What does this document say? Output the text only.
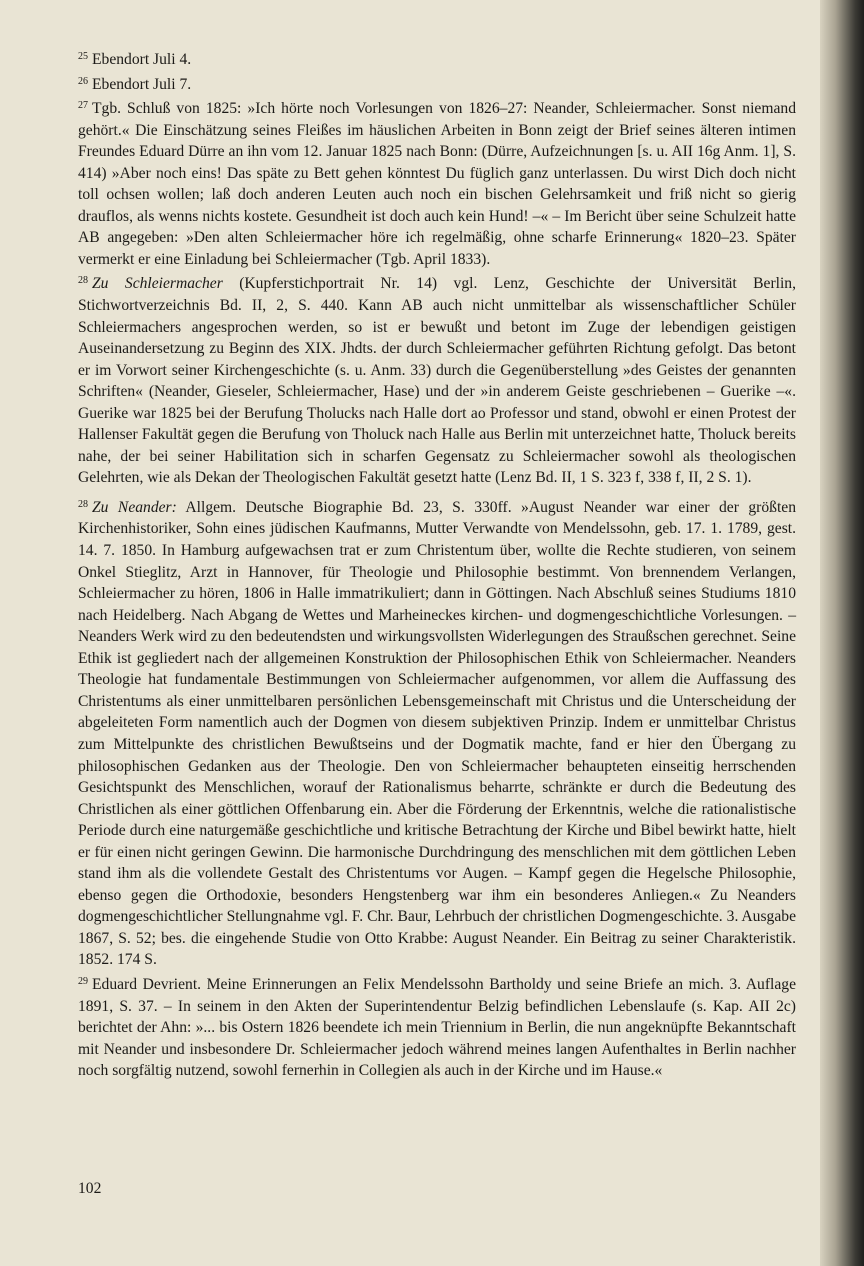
$^{25}$ Ebendort Juli 4.

$^{26}$ Ebendort Juli 7.

$^{27}$ Tgb. Schluß von 1825: »Ich hörte noch Vorlesungen von 1826–27: Neander, Schleiermacher. Sonst niemand gehört.« Die Einschätzung seines Fleißes im häuslichen Arbeiten in Bonn zeigt der Brief seines älteren intimen Freundes Eduard Dürre an ihn vom 12. Januar 1825 nach Bonn: (Dürre, Aufzeichnungen [s. u. AII 16g Anm. 1], S. 414) »Aber noch eins! Das späte zu Bett gehen könntest Du füglich ganz unterlassen. Du wirst Dich doch nicht toll ochsen wollen; laß doch anderen Leuten auch noch ein bischen Gelehrsamkeit und friß nicht so gierig drauflos, als wenns nichts kostete. Gesundheit ist doch auch kein Hund! –« – Im Bericht über seine Schulzeit hatte AB angegeben: »Den alten Schleiermacher höre ich regelmäßig, ohne scharfe Erinnerung« 1820–23. Später vermerkt er eine Einladung bei Schleiermacher (Tgb. April 1833).

$^{28}$ Zu Schleiermacher (Kupferstichportrait Nr. 14) vgl. Lenz, Geschichte der Universität Berlin, Stichwortverzeichnis Bd. II, 2, S. 440. Kann AB auch nicht unmittelbar als wissenschaftlicher Schüler Schleiermachers angesprochen werden, so ist er bewußt und betont im Zuge der lebendigen geistigen Auseinandersetzung zu Beginn des XIX. Jhdts. der durch Schleiermacher geführten Richtung gefolgt. Das betont er im Vorwort seiner Kirchengeschichte (s. u. Anm. 33) durch die Gegenüberstellung »des Geistes der genannten Schriften« (Neander, Gieseler, Schleiermacher, Hase) und der »in anderem Geiste geschriebenen – Guerike –«. Guerike war 1825 bei der Berufung Tholucks nach Halle dort ao Professor und stand, obwohl er einen Protest der Hallenser Fakultät gegen die Berufung von Tholuck nach Halle aus Berlin mit unterzeichnet hatte, Tholuck bereits nahe, der bei seiner Habilitation sich in scharfen Gegensatz zu Schleiermacher sowohl als theologischen Gelehrten, wie als Dekan der Theologischen Fakultät gesetzt hatte (Lenz Bd. II, 1 S. 323 f, 338 f, II, 2 S. 1).

$^{28}$ Zu Neander: Allgem. Deutsche Biographie Bd. 23, S. 330ff. »August Neander war einer der größten Kirchenhistoriker, Sohn eines jüdischen Kaufmanns, Mutter Verwandte von Mendelssohn, geb. 17. 1. 1789, gest. 14. 7. 1850. In Hamburg aufgewachsen trat er zum Christentum über, wollte die Rechte studieren, von seinem Onkel Stieglitz, Arzt in Hannover, für Theologie und Philosophie bestimmt. Von brennendem Verlangen, Schleiermacher zu hören, 1806 in Halle immatrikuliert; dann in Göttingen. Nach Abschluß seines Studiums 1810 nach Heidelberg. Nach Abgang de Wettes und Marheineckes kirchen- und dogmengeschichtliche Vorlesungen. – Neanders Werk wird zu den bedeutendsten und wirkungsvollsten Widerlegungen des Straußschen gerechnet. Seine Ethik ist gegliedert nach der allgemeinen Konstruktion der Philosophischen Ethik von Schleiermacher. Neanders Theologie hat fundamentale Bestimmungen von Schleiermacher aufgenommen, vor allem die Auffassung des Christentums als einer unmittelbaren persönlichen Lebensgemeinschaft mit Christus und die Unterscheidung der abgeleiteten Form namentlich auch der Dogmen von diesem subjektiven Prinzip. Indem er unmittelbar Christus zum Mittelpunkte des christlichen Bewußtseins und der Dogmatik machte, fand er hier den Übergang zu philosophischen Gedanken aus der Theologie. Den von Schleiermacher behaupteten einseitig herrschenden Gesichtspunkt des Menschlichen, worauf der Rationalismus beharrte, schränkte er durch die Bedeutung des Christlichen als einer göttlichen Offenbarung ein. Aber die Förderung der Erkenntnis, welche die rationalistische Periode durch eine naturgemäße geschichtliche und kritische Betrachtung der Kirche und Bibel bewirkt hatte, hielt er für einen nicht geringen Gewinn. Die harmonische Durchdringung des menschlichen mit dem göttlichen Leben stand ihm als die vollendete Gestalt des Christentums vor Augen. – Kampf gegen die Hegelsche Philosophie, ebenso gegen die Orthodoxie, besonders Hengstenberg war ihm ein besonderes Anliegen.« Zu Neanders dogmengeschichtlicher Stellungnahme vgl. F. Chr. Baur, Lehrbuch der christlichen Dogmengeschichte. 3. Ausgabe 1867, S. 52; bes. die eingehende Studie von Otto Krabbe: August Neander. Ein Beitrag zu seiner Charakteristik. 1852. 174 S.

$^{29}$ Eduard Devrient. Meine Erinnerungen an Felix Mendelssohn Bartholdy und seine Briefe an mich. 3. Auflage 1891, S. 37. – In seinem in den Akten der Superintendentur Belzig befindlichen Lebenslaufe (s. Kap. AII 2c) berichtet der Ahn: »... bis Ostern 1826 beendete ich mein Triennium in Berlin, die nun angeknüpfte Bekanntschaft mit Neander und insbesondere Dr. Schleiermacher jedoch während meines langen Aufenthaltes in Berlin nachher noch sorgfältig nutzend, sowohl fernerhin in Collegien als auch in der Kirche und im Hause.«

102
